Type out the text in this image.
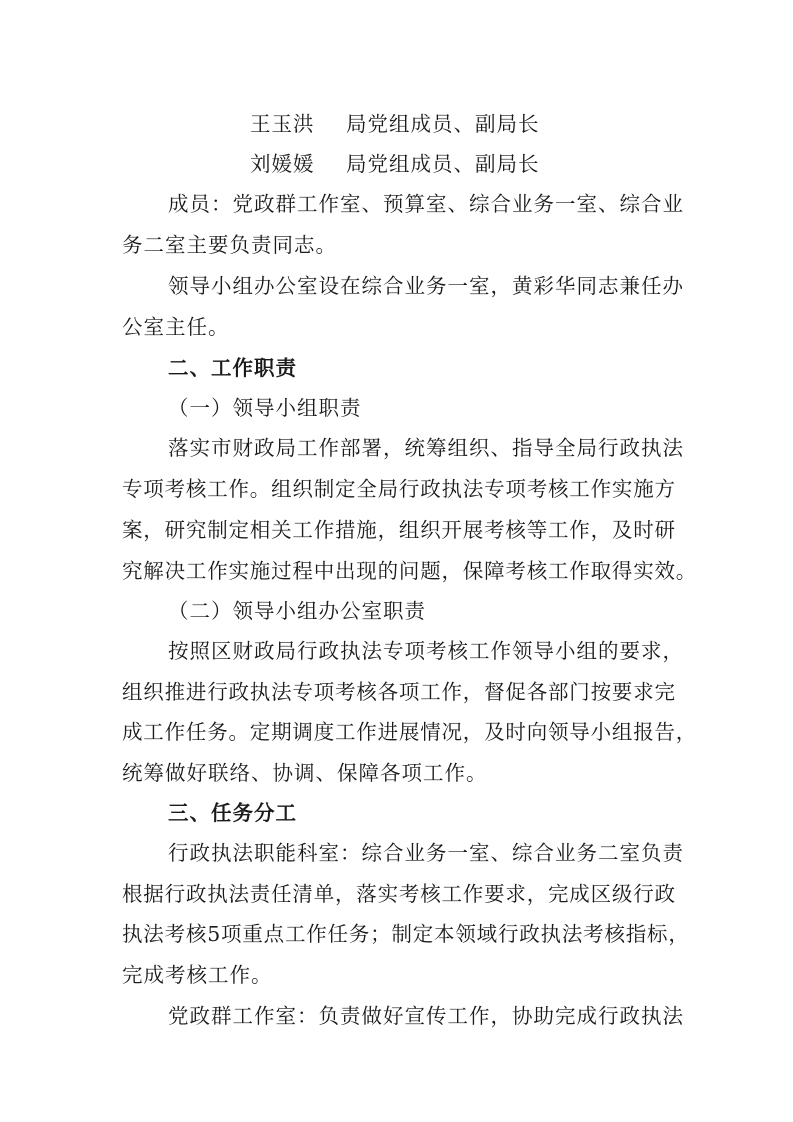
王玉洪 局党组成员、副局长
刘媛媛 局党组成员、副局长
成员：党政群工作室、预算室、综合业务一室、综合业
务二室主要负责同志。
领导小组办公室设在综合业务一室，黄彩华同志兼任办
公室主任。
二、工作职责
（一）领导小组职责
落实市财政局工作部署，统筹组织、指导全局行政执法
专项考核工作。组织制定全局行政执法专项考核工作实施方
案，研究制定相关工作措施，组织开展考核等工作，及时研
究解决工作实施过程中出现的问题，保障考核工作取得实效。
（二）领导小组办公室职责
按照区财政局行政执法专项考核工作领导小组的要求，
组织推进行政执法专项考核各项工作，督促各部门按要求完
成工作任务。定期调度工作进展情况，及时向领导小组报告，
统筹做好联络、协调、保障各项工作。
三、任务分工
行政执法职能科室：综合业务一室、综合业务二室负责
根据行政执法责任清单，落实考核工作要求，完成区级行政
执法考核5项重点工作任务；制定本领域行政执法考核指标，
完成考核工作。
党政群工作室：负责做好宣传工作，协助完成行政执法
